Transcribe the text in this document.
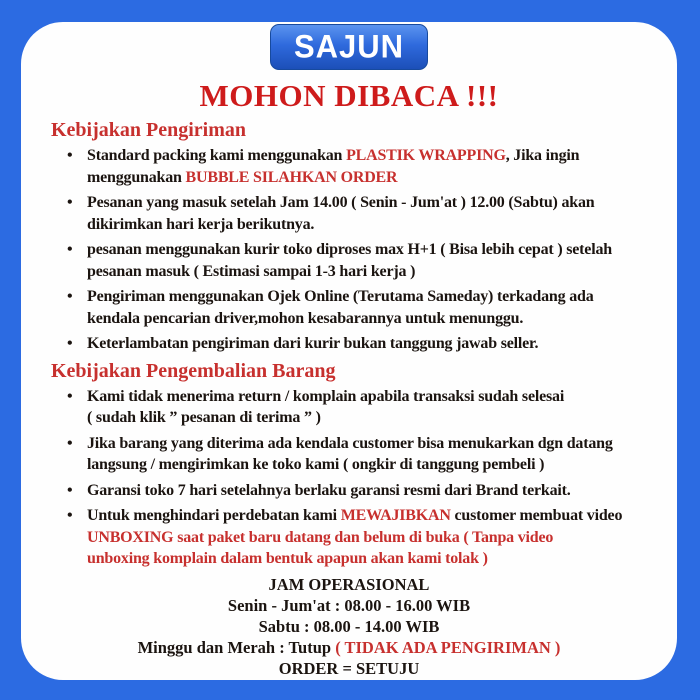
SAJUN
MOHON DIBACA !!!
Kebijakan Pengiriman
• Standard packing kami menggunakan PLASTIK WRAPPING, Jika ingin
menggunakan BUBBLE SILAHKAN ORDER
• Pesanan yang masuk setelah Jam 14.00 ( Senin - Jum'at ) 12.00 (Sabtu) akan
dikirimkan hari kerja berikutnya.
• pesanan menggunakan kurir toko diproses max H+1 ( Bisa lebih cepat ) setelah
pesanan masuk ( Estimasi sampai 1-3 hari kerja )
• Pengiriman menggunakan Ojek Online (Terutama Sameday) terkadang ada
kendala pencarian driver,mohon kesabarannya untuk menunggu.
• Keterlambatan pengiriman dari kurir bukan tanggung jawab seller.
Kebijakan Pengembalian Barang
• Kami tidak menerima return / komplain apabila transaksi sudah selesai
( sudah klik ” pesanan di terima ” )
• Jika barang yang diterima ada kendala customer bisa menukarkan dgn datang
langsung / mengirimkan ke toko kami ( ongkir di tanggung pembeli )
• Garansi toko 7 hari setelahnya berlaku garansi resmi dari Brand terkait.
• Untuk menghindari perdebatan kami MEWAJIBKAN customer membuat video
UNBOXING saat paket baru datang dan belum di buka ( Tanpa video
unboxing komplain dalam bentuk apapun akan kami tolak )
JAM OPERASIONAL
Senin - Jum'at : 08.00 - 16.00 WIB
Sabtu : 08.00 - 14.00 WIB
Minggu dan Merah : Tutup ( TIDAK ADA PENGIRIMAN )
ORDER = SETUJU
